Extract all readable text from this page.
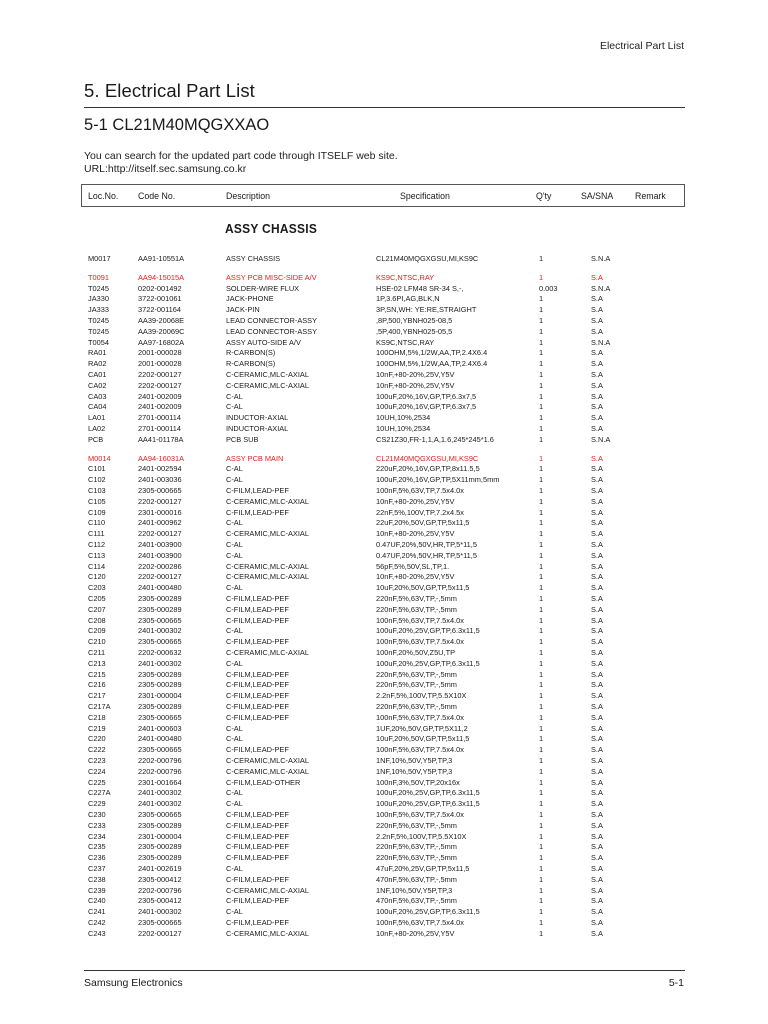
Electrical Part List
5. Electrical Part List
5-1 CL21M40MQGXXAO
You can search for the updated part code through ITSELF web site.
URL:http://itself.sec.samsung.co.kr
Loc.No. Code No.	Description	Specification	Q'ty	SA/SNA Remark
ASSY CHASSIS
M0017	AA91-10551A	ASSY CHASSIS	CL21M40MQGXGSU,MI,KS9C	1	S.N.A
T0091	AA94-15015A	ASSY PCB MISC-SIDE A/V	KS9C,NTSC,RAY	1	S.A
T0245	0202-001492	SOLDER-WIRE FLUX	HSE-02 LFM48 SR-34 S,-,	0.003	S.N.A
JA330	3722-001061	JACK-PHONE	1P,3.6PI,AG,BLK,N	1	S.A
JA333	3722-001164	JACK-PIN	3P,SN,WH: YE:RE,STRAIGHT	1	S.A
T0245	AA39-20068E	LEAD CONNECTOR-ASSY	,8P,500,YBNH025-08,5	1	S.A
T0245	AA39-20069C	LEAD CONNECTOR-ASSY	,5P,400,YBNH025-05,5	1	S.A
T0054	AA97-16802A	ASSY AUTO-SIDE A/V	KS9C,NTSC,RAY	1	S.N.A
RA01	2001-000028	R-CARBON(S)	100OHM,5%,1/2W,AA,TP,2.4X6.4	1	S.A
RA02	2001-000028	R-CARBON(S)	100OHM,5%,1/2W,AA,TP,2.4X6.4	1	S.A
CA01	2202-000127	C-CERAMIC,MLC-AXIAL	10nF,+80-20%,25V,Y5V	1	S.A
CA02	2202-000127	C-CERAMIC,MLC-AXIAL	10nF,+80-20%,25V,Y5V	1	S.A
CA03	2401-002009	C-AL	100uF,20%,16V,GP,TP,6.3x7,5	1	S.A
CA04	2401-002009	C-AL	100uF,20%,16V,GP,TP,6.3x7,5	1	S.A
LA01	2701-000114	INDUCTOR-AXIAL	10UH,10%,2534	1	S.A
LA02	2701-000114	INDUCTOR-AXIAL	10UH,10%,2534	1	S.A
PCB	AA41-01178A	PCB SUB	CS21Z30,FR-1,1,A,1.6,245*245*1.6	1	S.N.A
M0014	AA94-16031A	ASSY PCB MAIN	CL21M40MQGXGSU,MI,KS9C	1	S.A
C101	2401-002594	C-AL	220uF,20%,16V,GP,TP,8x11.5,5	1	S.A
C102	2401-003036	C-AL	100uF,20%,16V,GP,TP,5X11mm,5mm	1	S.A
C103	2305-000665	C-FILM,LEAD-PEF	100nF,5%,63V,TP,7.5x4.0x	1	S.A
C105	2202-000127	C-CERAMIC,MLC-AXIAL	10nF,+80-20%,25V,Y5V	1	S.A
C109	2301-000016	C-FILM,LEAD-PEF	22nF,5%,100V,TP,7.2x4.5x	1	S.A
C110	2401-000962	C-AL	22uF,20%,50V,GP,TP,5x11,5	1	S.A
C111	2202-000127	C-CERAMIC,MLC-AXIAL	10nF,+80-20%,25V,Y5V	1	S.A
C112	2401-003900	C-AL	0.47UF,20%,50V,HR,TP,5*11,5	1	S.A
C113	2401-003900	C-AL	0.47UF,20%,50V,HR,TP,5*11,5	1	S.A
C114	2202-000286	C-CERAMIC,MLC-AXIAL	56pF,5%,50V,SL,TP,1.	1	S.A
C120	2202-000127	C-CERAMIC,MLC-AXIAL	10nF,+80-20%,25V,Y5V	1	S.A
C203	2401-000480	C-AL	10uF,20%,50V,GP,TP,5x11,5	1	S.A
C205	2305-000289	C-FILM,LEAD-PEF	220nF,5%,63V,TP,-,5mm	1	S.A
C207	2305-000289	C-FILM,LEAD-PEF	220nF,5%,63V,TP,-,5mm	1	S.A
C208	2305-000665	C-FILM,LEAD-PEF	100nF,5%,63V,TP,7.5x4.0x	1	S.A
C209	2401-000302	C-AL	100uF,20%,25V,GP,TP,6.3x11,5	1	S.A
C210	2305-000665	C-FILM,LEAD-PEF	100nF,5%,63V,TP,7.5x4.0x	1	S.A
C211	2202-000632	C-CERAMIC,MLC-AXIAL	100nF,20%,50V,Z5U,TP	1	S.A
C213	2401-000302	C-AL	100uF,20%,25V,GP,TP,6.3x11,5	1	S.A
C215	2305-000289	C-FILM,LEAD-PEF	220nF,5%,63V,TP,-,5mm	1	S.A
C216	2305-000289	C-FILM,LEAD-PEF	220nF,5%,63V,TP,-,5mm	1	S.A
C217	2301-000004	C-FILM,LEAD-PEF	2.2nF,5%,100V,TP,5.5X10X	1	S.A
C217A	2305-000289	C-FILM,LEAD-PEF	220nF,5%,63V,TP,-,5mm	1	S.A
C218	2305-000665	C-FILM,LEAD-PEF	100nF,5%,63V,TP,7.5x4.0x	1	S.A
C219	2401-000603	C-AL	1UF,20%,50V,GP,TP,5X11,2	1	S.A
C220	2401-000480	C-AL	10uF,20%,50V,GP,TP,5x11,5	1	S.A
C222	2305-000665	C-FILM,LEAD-PEF	100nF,5%,63V,TP,7.5x4.0x	1	S.A
C223	2202-000796	C-CERAMIC,MLC-AXIAL	1NF,10%,50V,Y5P,TP,3	1	S.A
C224	2202-000796	C-CERAMIC,MLC-AXIAL	1NF,10%,50V,Y5P,TP,3	1	S.A
C225	2301-001664	C-FILM,LEAD-OTHER	100nF,3%,50V,TP,20x16x	1	S.A
C227A	2401-000302	C-AL	100uF,20%,25V,GP,TP,6.3x11,5	1	S.A
C229	2401-000302	C-AL	100uF,20%,25V,GP,TP,6.3x11,5	1	S.A
C230	2305-000665	C-FILM,LEAD-PEF	100nF,5%,63V,TP,7.5x4.0x	1	S.A
C233	2305-000289	C-FILM,LEAD-PEF	220nF,5%,63V,TP,-,5mm	1	S.A
C234	2301-000004	C-FILM,LEAD-PEF	2.2nF,5%,100V,TP,5.5X10X	1	S.A
C235	2305-000289	C-FILM,LEAD-PEF	220nF,5%,63V,TP,-,5mm	1	S.A
C236	2305-000289	C-FILM,LEAD-PEF	220nF,5%,63V,TP,-,5mm	1	S.A
C237	2401-002619	C-AL	47uF,20%,25V,GP,TP,5x11,5	1	S.A
C238	2305-000412	C-FILM,LEAD-PEF	470nF,5%,63V,TP,-,5mm	1	S.A
C239	2202-000796	C-CERAMIC,MLC-AXIAL	1NF,10%,50V,Y5P,TP,3	1	S.A
C240	2305-000412	C-FILM,LEAD-PEF	470nF,5%,63V,TP,-,5mm	1	S.A
C241	2401-000302	C-AL	100uF,20%,25V,GP,TP,6.3x11,5	1	S.A
C242	2305-000665	C-FILM,LEAD-PEF	100nF,5%,63V,TP,7.5x4.0x	1	S.A
C243	2202-000127	C-CERAMIC,MLC-AXIAL	10nF,+80-20%,25V,Y5V	1	S.A
Samsung Electronics	5-1
